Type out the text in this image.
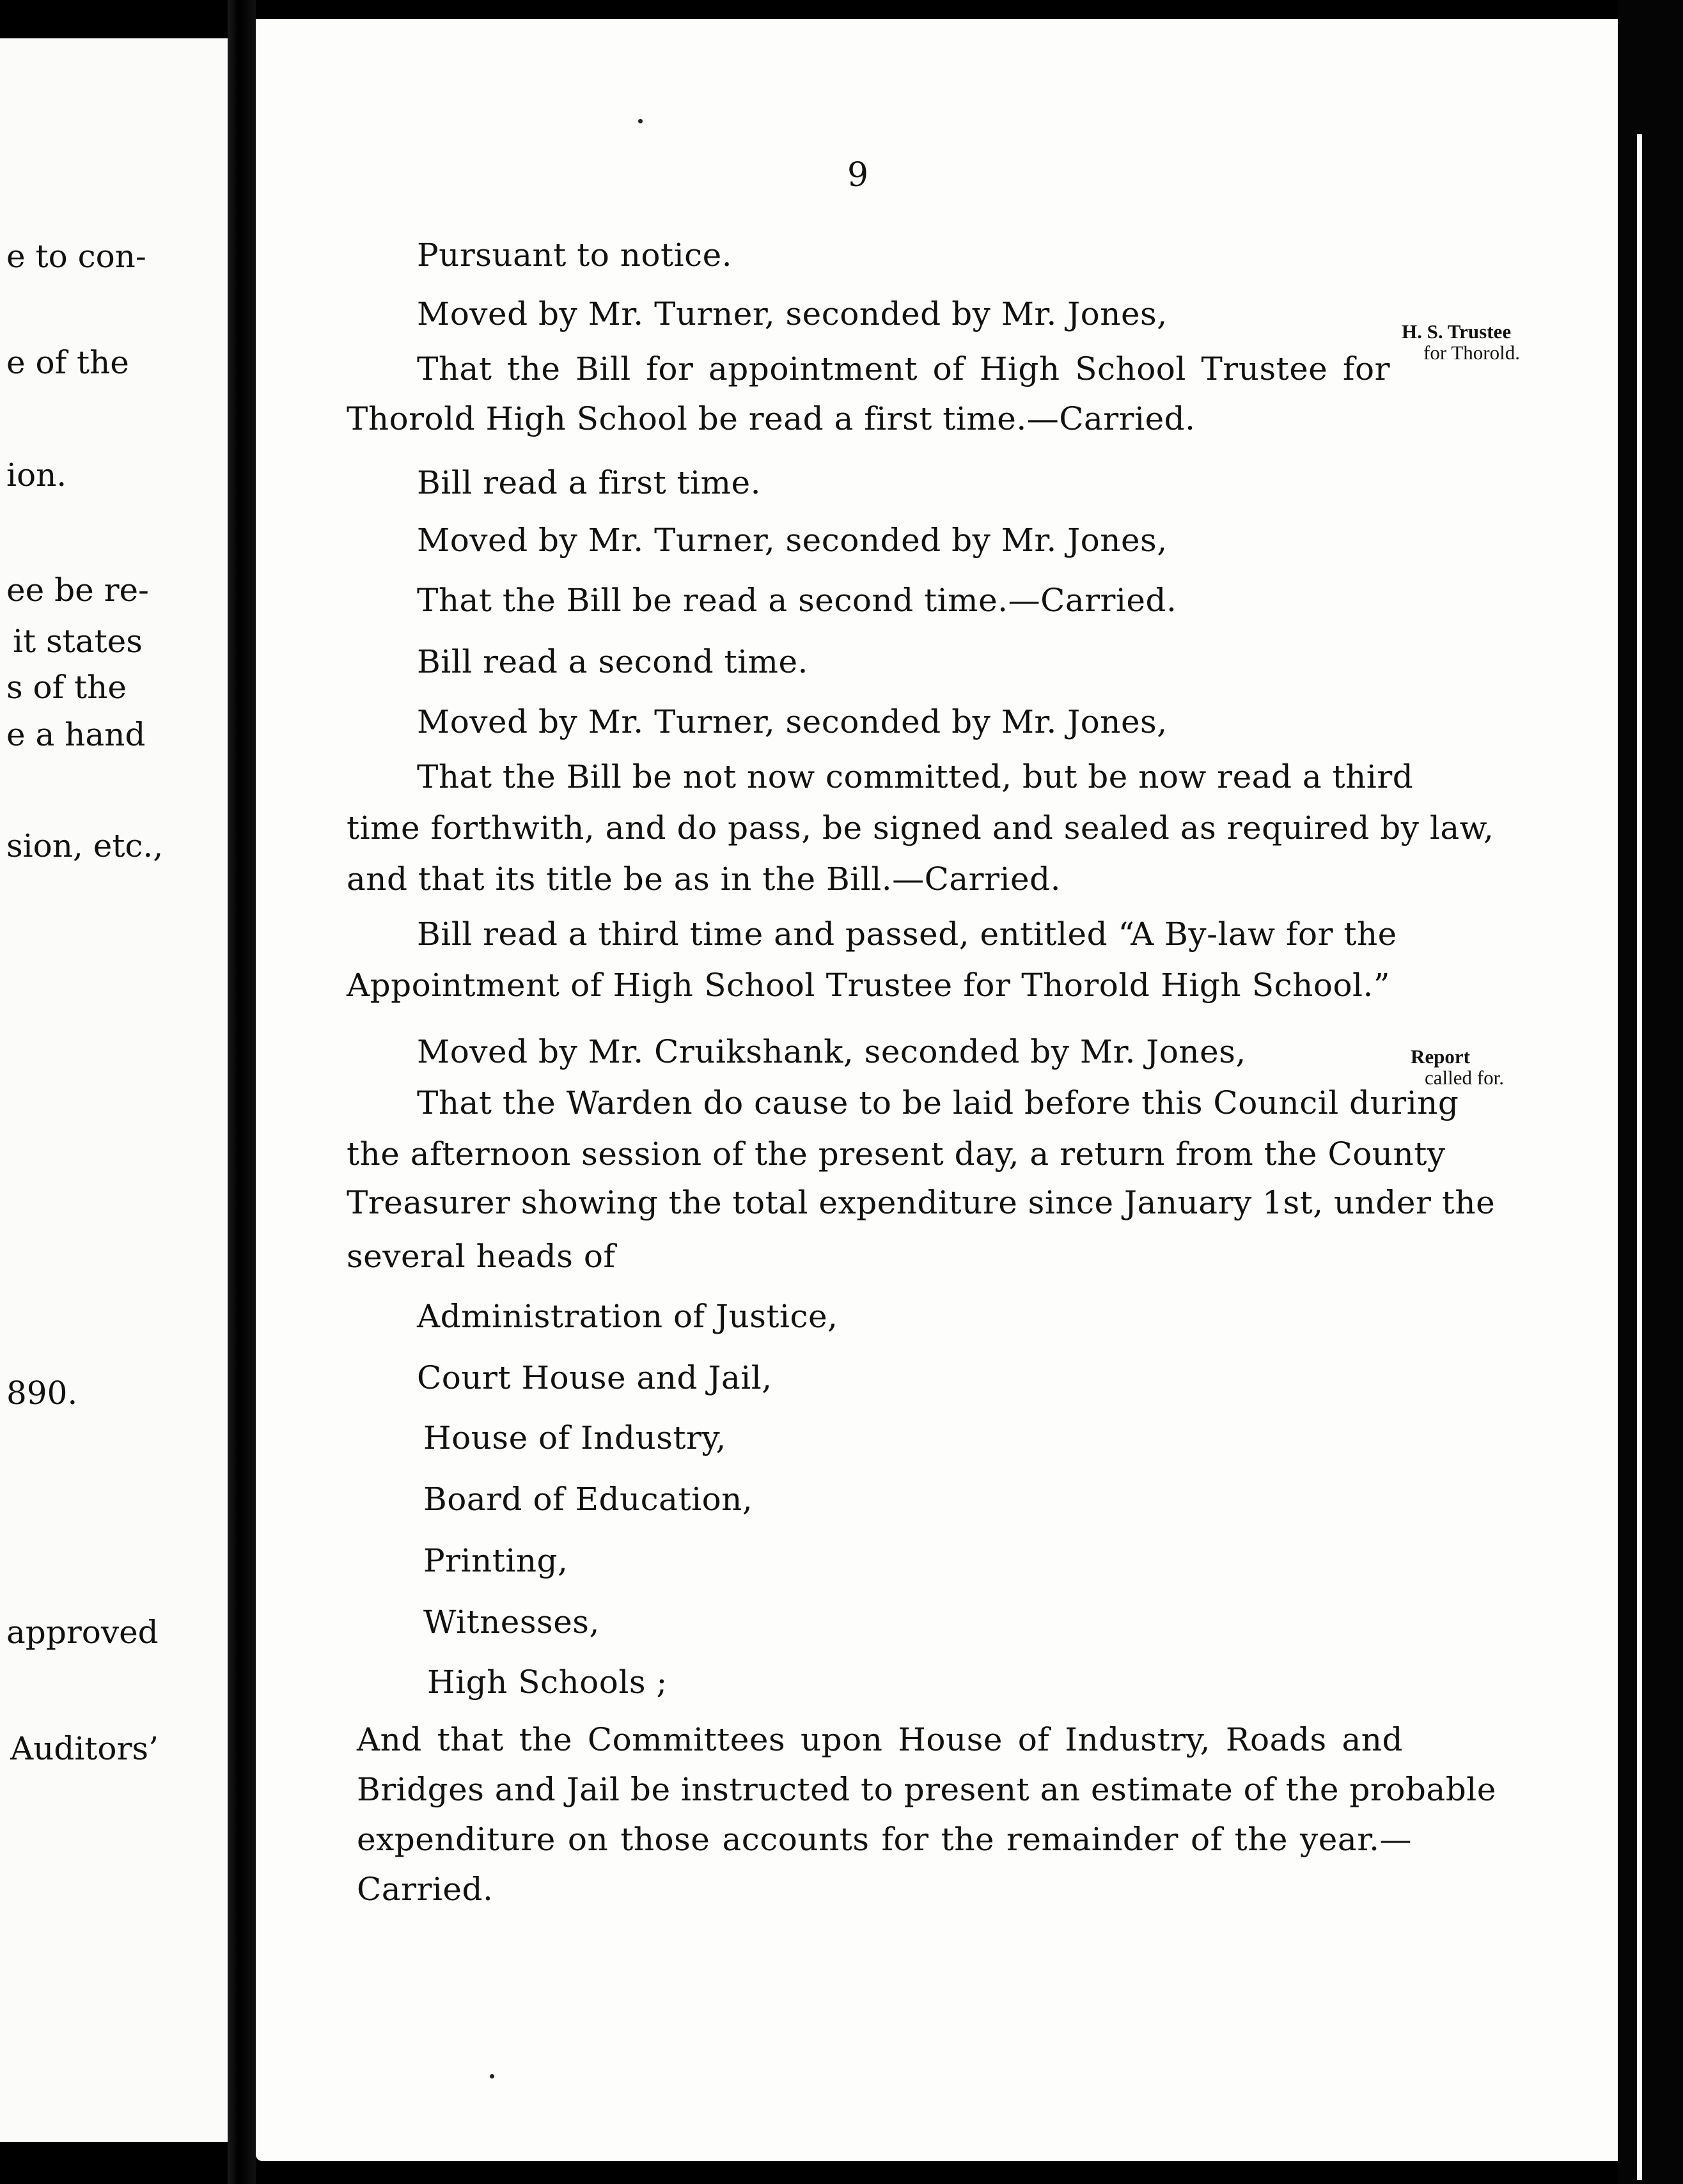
e to con-
e of the
ion.
ee be re-
it states
s of the
e a hand
sion, etc.,
890.
approved
Auditors’
9
Pursuant to notice.
Moved by Mr. Turner, seconded by Mr. Jones,
That the Bill for appointment of High School Trustee for
Thorold High School be read a first time.—Carried.
Bill read a first time.
Moved by Mr. Turner, seconded by Mr. Jones,
That the Bill be read a second time.—Carried.
Bill read a second time.
Moved by Mr. Turner, seconded by Mr. Jones,
That the Bill be not now committed, but be now read a third
time forthwith, and do pass, be signed and sealed as required by law,
and that its title be as in the Bill.—Carried.
Bill read a third time and passed, entitled “A By-law for the
Appointment of High School Trustee for Thorold High School.”
Moved by Mr. Cruikshank, seconded by Mr. Jones,
That the Warden do cause to be laid before this Council during
the afternoon session of the present day, a return from the County
Treasurer showing the total expenditure since January 1st, under the
several heads of
Administration of Justice,
Court House and Jail,
House of Industry,
Board of Education,
Printing,
Witnesses,
High Schools ;
And that the Committees upon House of Industry, Roads and
Bridges and Jail be instructed to present an estimate of the probable
expenditure on those accounts for the remainder of the year.—
Carried.
H. S. Trustee
for Thorold.
Report
called for.
